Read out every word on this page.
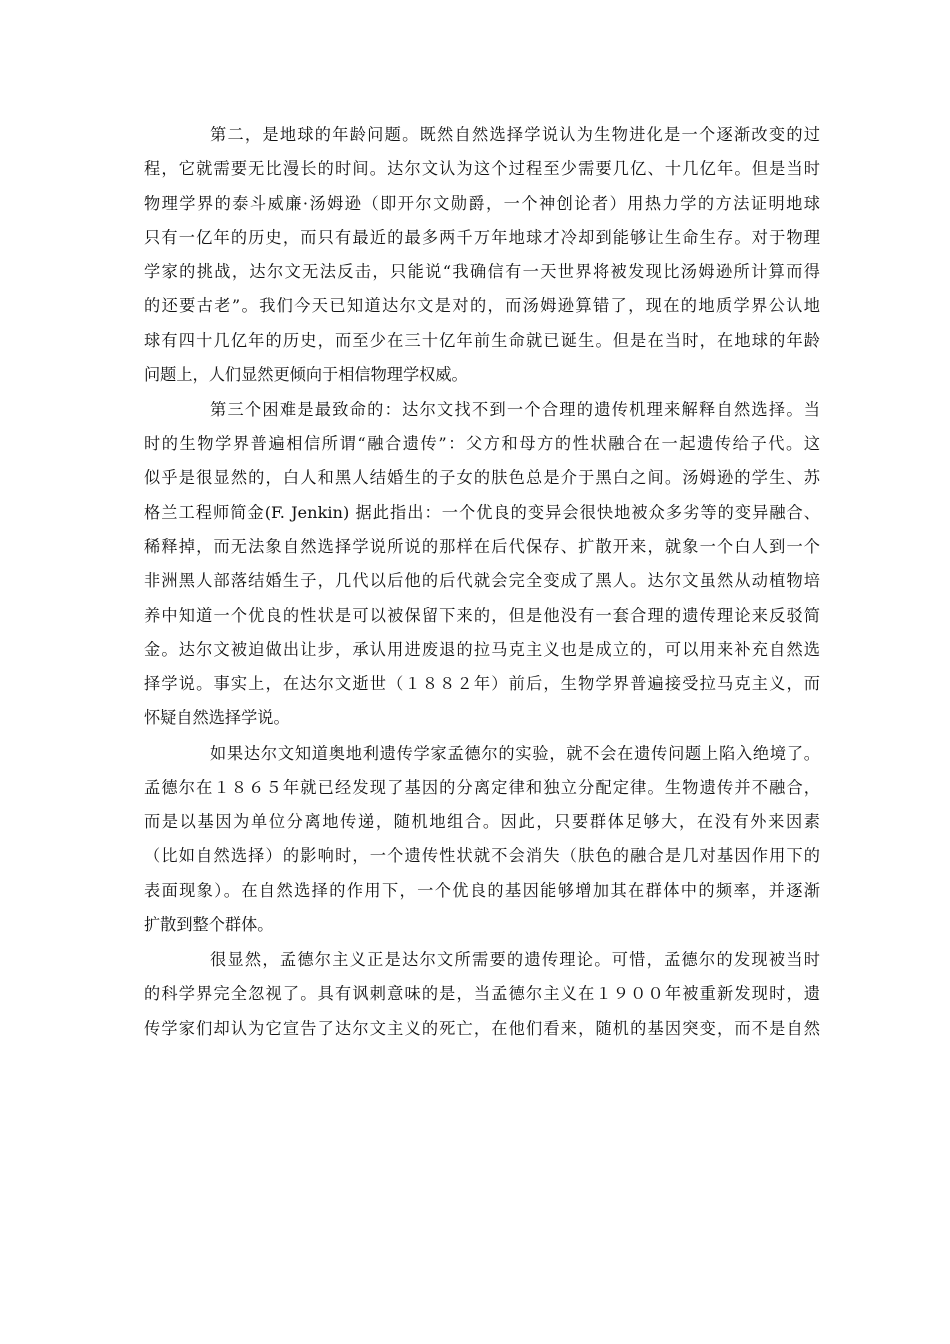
第二，是地球的年龄问题。既然自然选择学说认为生物进化是一个逐渐改变的过
程，它就需要无比漫长的时间。达尔文认为这个过程至少需要几亿、十几亿年。但是当时
物理学界的泰斗威廉·汤姆逊（即开尔文勋爵，一个神创论者）用热力学的方法证明地球
只有一亿年的历史，而只有最近的最多两千万年地球才冷却到能够让生命生存。对于物理
学家的挑战，达尔文无法反击，只能说“我确信有一天世界将被发现比汤姆逊所计算而得
的还要古老”。我们今天已知道达尔文是对的，而汤姆逊算错了，现在的地质学界公认地
球有四十几亿年的历史，而至少在三十亿年前生命就已诞生。但是在当时，在地球的年龄
问题上，人们显然更倾向于相信物理学权威。
第三个困难是最致命的：达尔文找不到一个合理的遗传机理来解释自然选择。当
时的生物学界普遍相信所谓“融合遗传”：父方和母方的性状融合在一起遗传给子代。这
似乎是很显然的，白人和黑人结婚生的子女的肤色总是介于黑白之间。汤姆逊的学生、苏
格兰工程师简金(F. Jenkin) 据此指出：一个优良的变异会很快地被众多劣等的变异融合、
稀释掉，而无法象自然选择学说所说的那样在后代保存、扩散开来，就象一个白人到一个
非洲黑人部落结婚生子，几代以后他的后代就会完全变成了黑人。达尔文虽然从动植物培
养中知道一个优良的性状是可以被保留下来的，但是他没有一套合理的遗传理论来反驳简
金。达尔文被迫做出让步，承认用进废退的拉马克主义也是成立的，可以用来补充自然选
择学说。事实上，在达尔文逝世（１８８２年）前后，生物学界普遍接受拉马克主义，而
怀疑自然选择学说。
如果达尔文知道奥地利遗传学家孟德尔的实验，就不会在遗传问题上陷入绝境了。
孟德尔在１８６５年就已经发现了基因的分离定律和独立分配定律。生物遗传并不融合，
而是以基因为单位分离地传递，随机地组合。因此，只要群体足够大，在没有外来因素
（比如自然选择）的影响时，一个遗传性状就不会消失（肤色的融合是几对基因作用下的
表面现象）。在自然选择的作用下，一个优良的基因能够增加其在群体中的频率，并逐渐
扩散到整个群体。
很显然，孟德尔主义正是达尔文所需要的遗传理论。可惜，孟德尔的发现被当时
的科学界完全忽视了。具有讽刺意味的是，当孟德尔主义在１９００年被重新发现时，遗
传学家们却认为它宣告了达尔文主义的死亡，在他们看来，随机的基因突变，而不是自然
